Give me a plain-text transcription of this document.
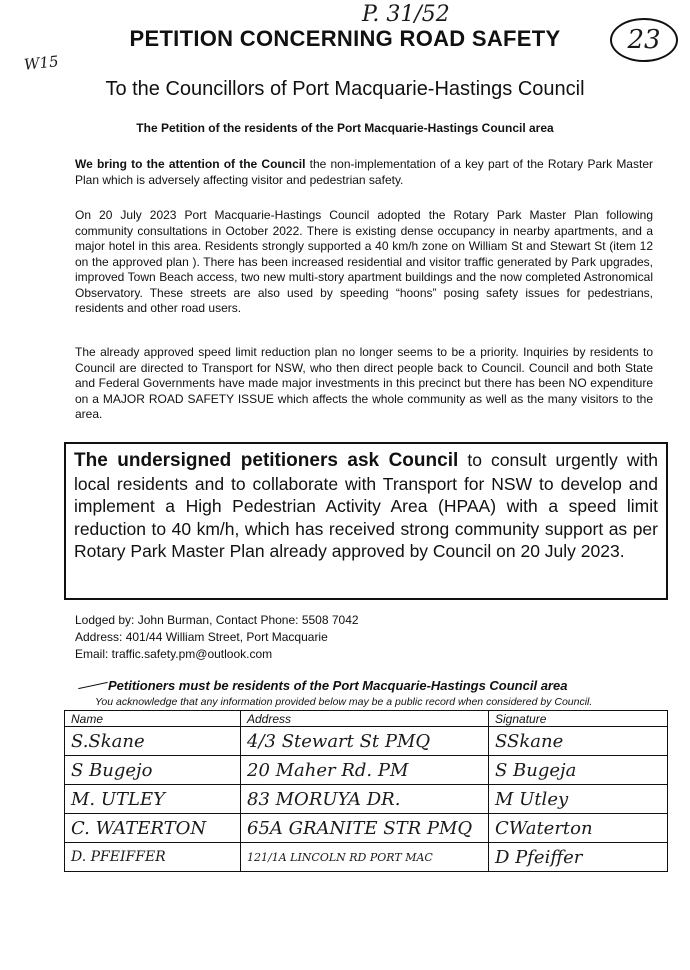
P. 31/52
23
W15
PETITION CONCERNING ROAD SAFETY
To the Councillors of Port Macquarie-Hastings Council
The Petition of the residents of the Port Macquarie-Hastings Council area
We bring to the attention of the Council the non-implementation of a key part of the Rotary Park Master Plan which is adversely affecting visitor and pedestrian safety.
On 20 July 2023 Port Macquarie-Hastings Council adopted the Rotary Park Master Plan following community consultations in October 2022. There is existing dense occupancy in nearby apartments, and a major hotel in this area. Residents strongly supported a 40 km/h zone on William St and Stewart St (item 12 on the approved plan ). There has been increased residential and visitor traffic generated by Park upgrades, improved Town Beach access, two new multi-story apartment buildings and the now completed Astronomical Observatory. These streets are also used by speeding “hoons” posing safety issues for pedestrians, residents and other road users.
The already approved speed limit reduction plan no longer seems to be a priority. Inquiries by residents to Council are directed to Transport for NSW, who then direct people back to Council. Council and both State and Federal Governments have made major investments in this precinct but there has been NO expenditure on a MAJOR ROAD SAFETY ISSUE which affects the whole community as well as the many visitors to the area.
The undersigned petitioners ask Council to consult urgently with local residents and to collaborate with Transport for NSW to develop and implement a High Pedestrian Activity Area (HPAA) with a speed limit reduction to 40 km/h, which has received strong community support as per Rotary Park Master Plan already approved by Council on 20 July 2023.
Lodged by: John Burman, Contact Phone: 5508 7042
Address: 401/44 William Street, Port Macquarie
Email: traffic.safety.pm@outlook.com
Petitioners must be residents of the Port Macquarie-Hastings Council area
You acknowledge that any information provided below may be a public record when considered by Council.
Name	Address	Signature
S.Skane	4/3 Stewart St PMQ	SSkane
S Bugejo	20 Maher Rd. PM	S Bugeja
M. UTLEY	83 MORUYA DR.	M Utley
C. WATERTON	65A GRANITE STR PMQ	CWaterton
D. PFEIFFER	121/1A LINCOLN RD PORT MAC	D Pfeiffer
